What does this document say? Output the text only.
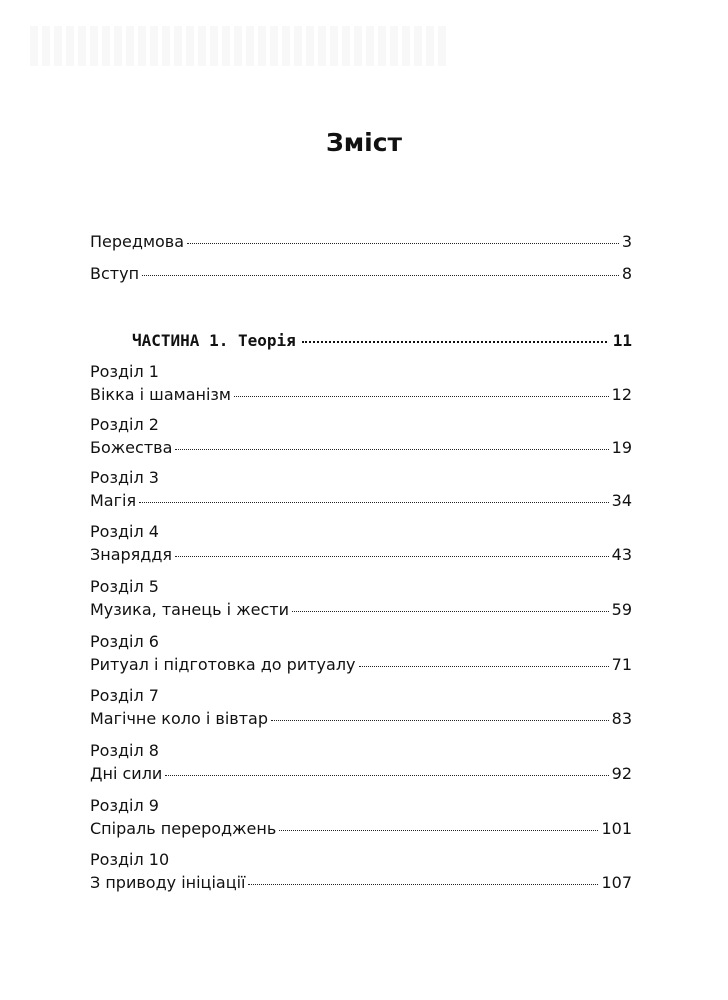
Зміст
Передмова	3
Вступ	8
ЧАСТИНА 1. Теорія	11
Розділ 1
Вікка і шаманізм	12
Розділ 2
Божества	19
Розділ 3
Магія	34
Розділ 4
Знаряддя	43
Розділ 5
Музика, танець і жести	59
Розділ 6
Ритуал і підготовка до ритуалу	71
Розділ 7
Магічне коло і вівтар	83
Розділ 8
Дні сили	92
Розділ 9
Спіраль перероджень	101
Розділ 10
З приводу ініціації	107
